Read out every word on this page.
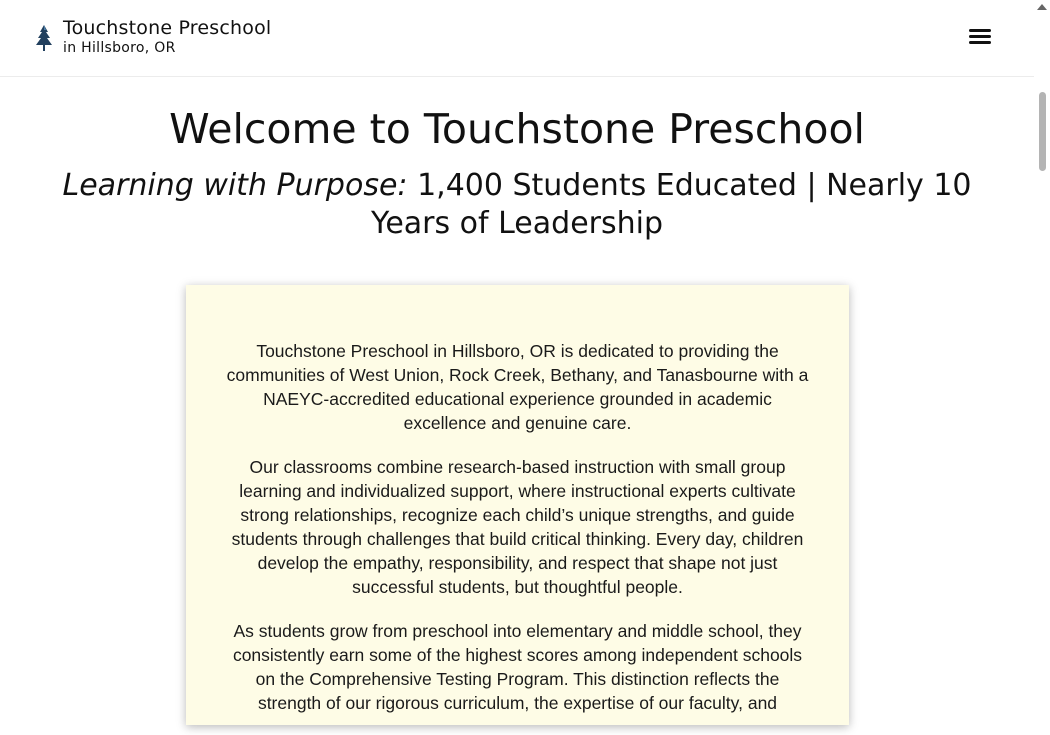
Touchstone Preschool
in Hillsboro, OR
Welcome to Touchstone Preschool
Learning with Purpose: 1,400 Students Educated | Nearly 10 Years of Leadership

Touchstone Preschool in Hillsboro, OR is dedicated to providing the communities of West Union, Rock Creek, Bethany, and Tanasbourne with a NAEYC-accredited educational experience grounded in academic excellence and genuine care.

Our classrooms combine research-based instruction with small group learning and individualized support, where instructional experts cultivate strong relationships, recognize each child’s unique strengths, and guide students through challenges that build critical thinking. Every day, children develop the empathy, responsibility, and respect that shape not just successful students, but thoughtful people.

As students grow from preschool into elementary and middle school, they consistently earn some of the highest scores among independent schools on the Comprehensive Testing Program. This distinction reflects the strength of our rigorous curriculum, the expertise of our faculty, and
